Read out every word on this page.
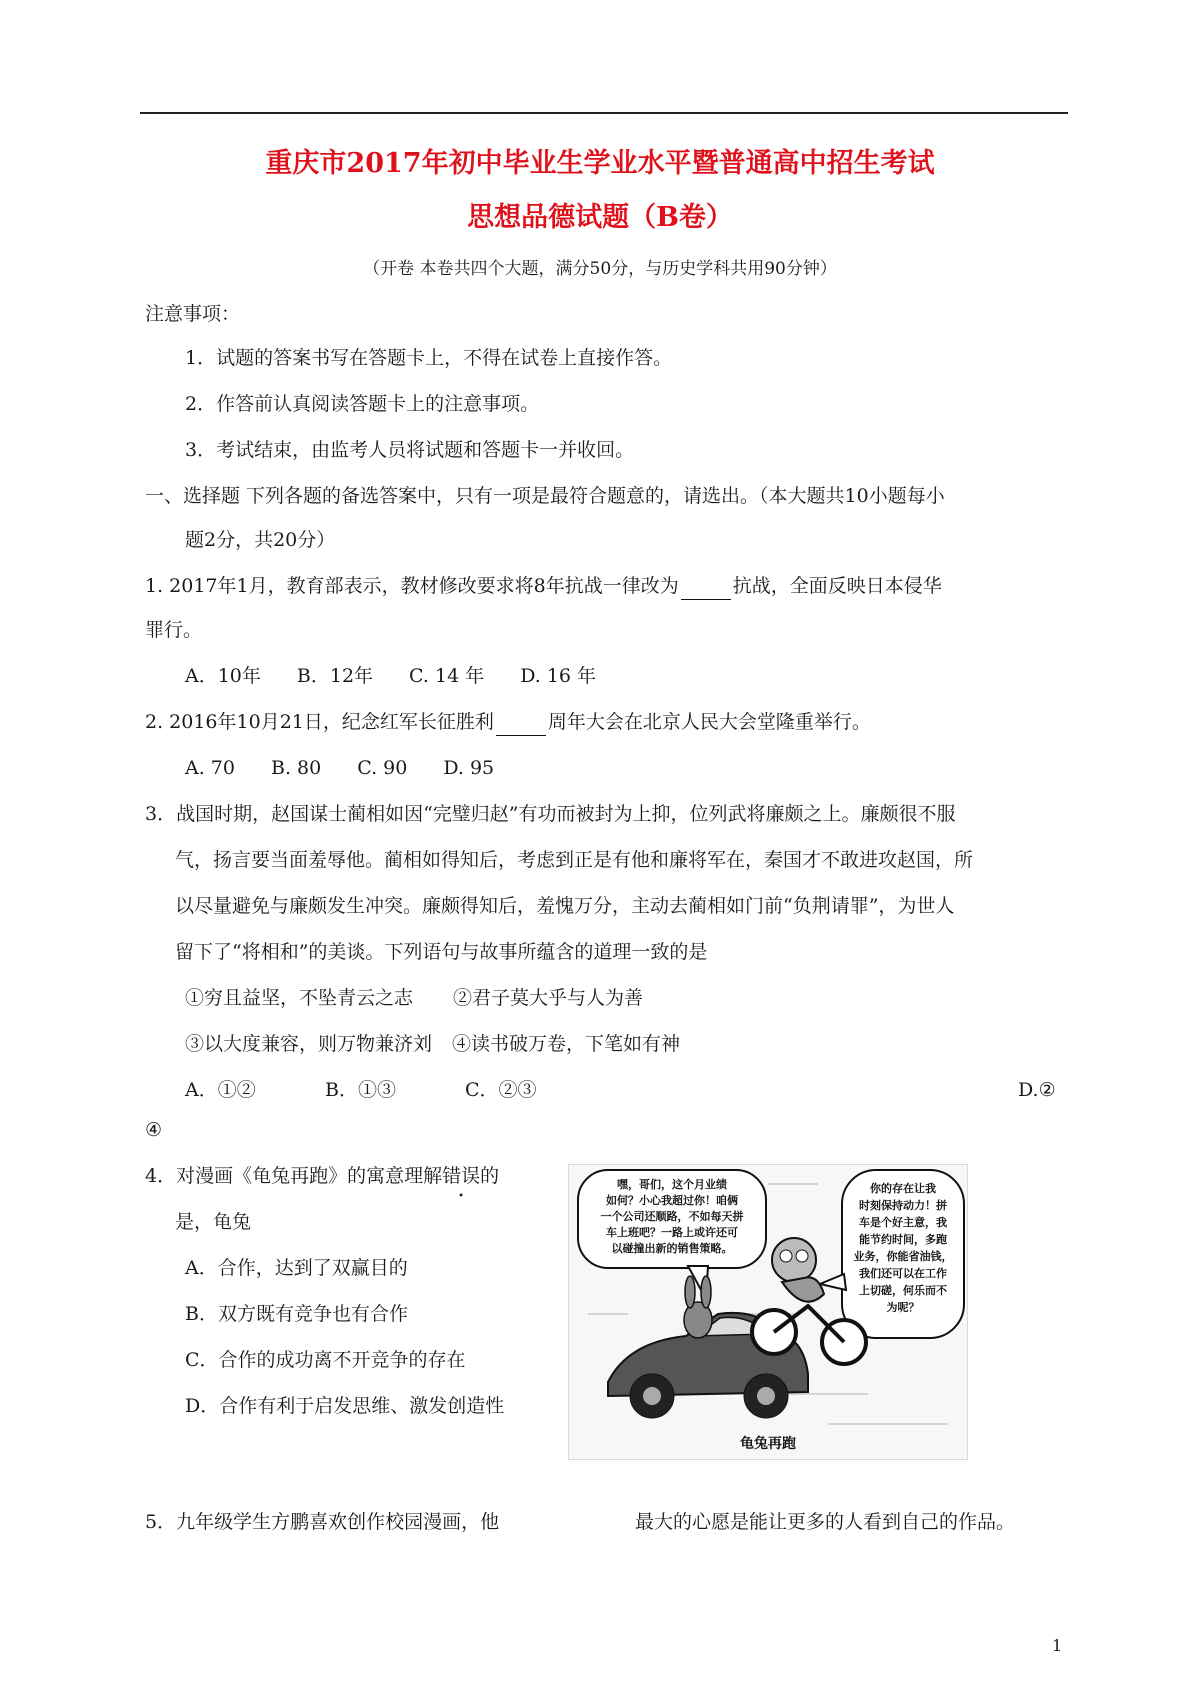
重庆市2017年初中毕业生学业水平暨普通高中招生考试
思想品德试题（B卷）
（开卷 本卷共四个大题，满分50分，与历史学科共用90分钟）
注意事项：
1．试题的答案书写在答题卡上，不得在试卷上直接作答。
2．作答前认真阅读答题卡上的注意事项。
3．考试结束，由监考人员将试题和答题卡一并收回。
一、选择题 下列各题的备选答案中，只有一项是最符合题意的，请选出。（本大题共10小题每小
题2分，共20分）
1. 2017年1月，教育部表示，教材修改要求将8年抗战一律改为	抗战，全面反映日本侵华
罪行。
A．10年 B．12年 C. 14 年 D. 16 年
2. 2016年10月21日，纪念红军长征胜利	周年大会在北京人民大会堂隆重举行。
A. 70 B. 80 C. 90 D. 95
3．战国时期，赵国谋士蔺相如因“完璧归赵”有功而被封为上抑，位列武将廉颇之上。廉颇很不服
气，扬言要当面羞辱他。蔺相如得知后，考虑到正是有他和廉将军在，秦国才不敢进攻赵国，所
以尽量避免与廉颇发生冲突。廉颇得知后，羞愧万分，主动去蔺相如门前“负荆请罪”，为世人
留下了“将相和”的美谈。下列语句与故事所蕴含的道理一致的是
①穷且益坚，不坠青云之志 ②君子莫大乎与人为善
③以大度兼容，则万物兼济刘 ④读书破万卷，下笔如有神
A．①②	B．①③	C．②③	D.②
④
4．对漫画《龟兔再跑》的寓意理解错误的
是，龟兔
A．合作，达到了双赢目的
B．双方既有竞争也有合作
C．合作的成功离不开竞争的存在
D．合作有利于启发思维、激发创造性
嘿，哥们，这个月业绩
如何？小心我超过你！咱俩
一个公司还顺路，不如每天拼
车上班吧？一路上或许还可
以碰撞出新的销售策略。
你的存在让我
时刻保持动力！拼
车是个好主意，我
能节约时间，多跑
业务，你能省油钱，
我们还可以在工作
上切磋，何乐而不
为呢？
龟兔再跑
5．九年级学生方鹏喜欢创作校园漫画，他	最大的心愿是能让更多的人看到自己的作品。
1
